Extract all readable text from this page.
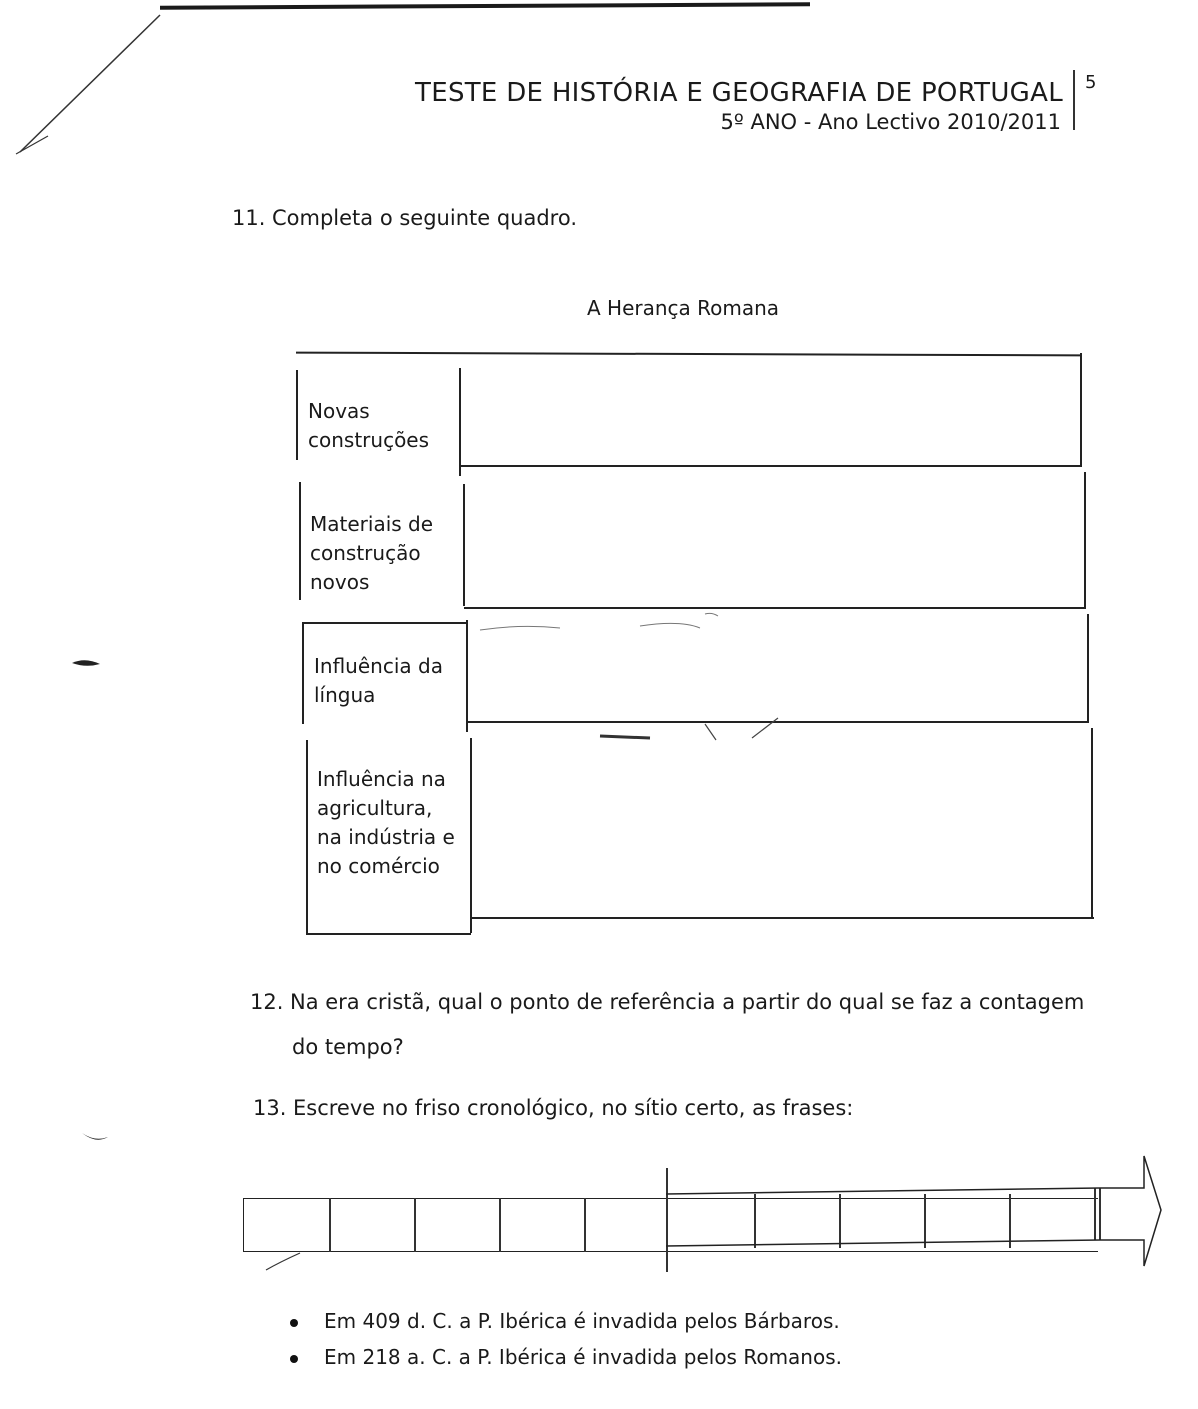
TESTE DE HISTÓRIA E GEOGRAFIA DE PORTUGAL
5º ANO - Ano Lectivo 2010/2011
5
11. Completa o seguinte quadro.
A Herança Romana
Novas
construções
Materiais de
construção
novos
Influência da
língua
Influência na
agricultura,
na indústria e
no comércio
12. Na era cristã, qual o ponto de referência a partir do qual se faz a contagem
do tempo?
13. Escreve no friso cronológico, no sítio certo, as frases:
Em 409 d. C. a P. Ibérica é invadida pelos Bárbaros.
Em 218 a. C. a P. Ibérica é invadida pelos Romanos.
